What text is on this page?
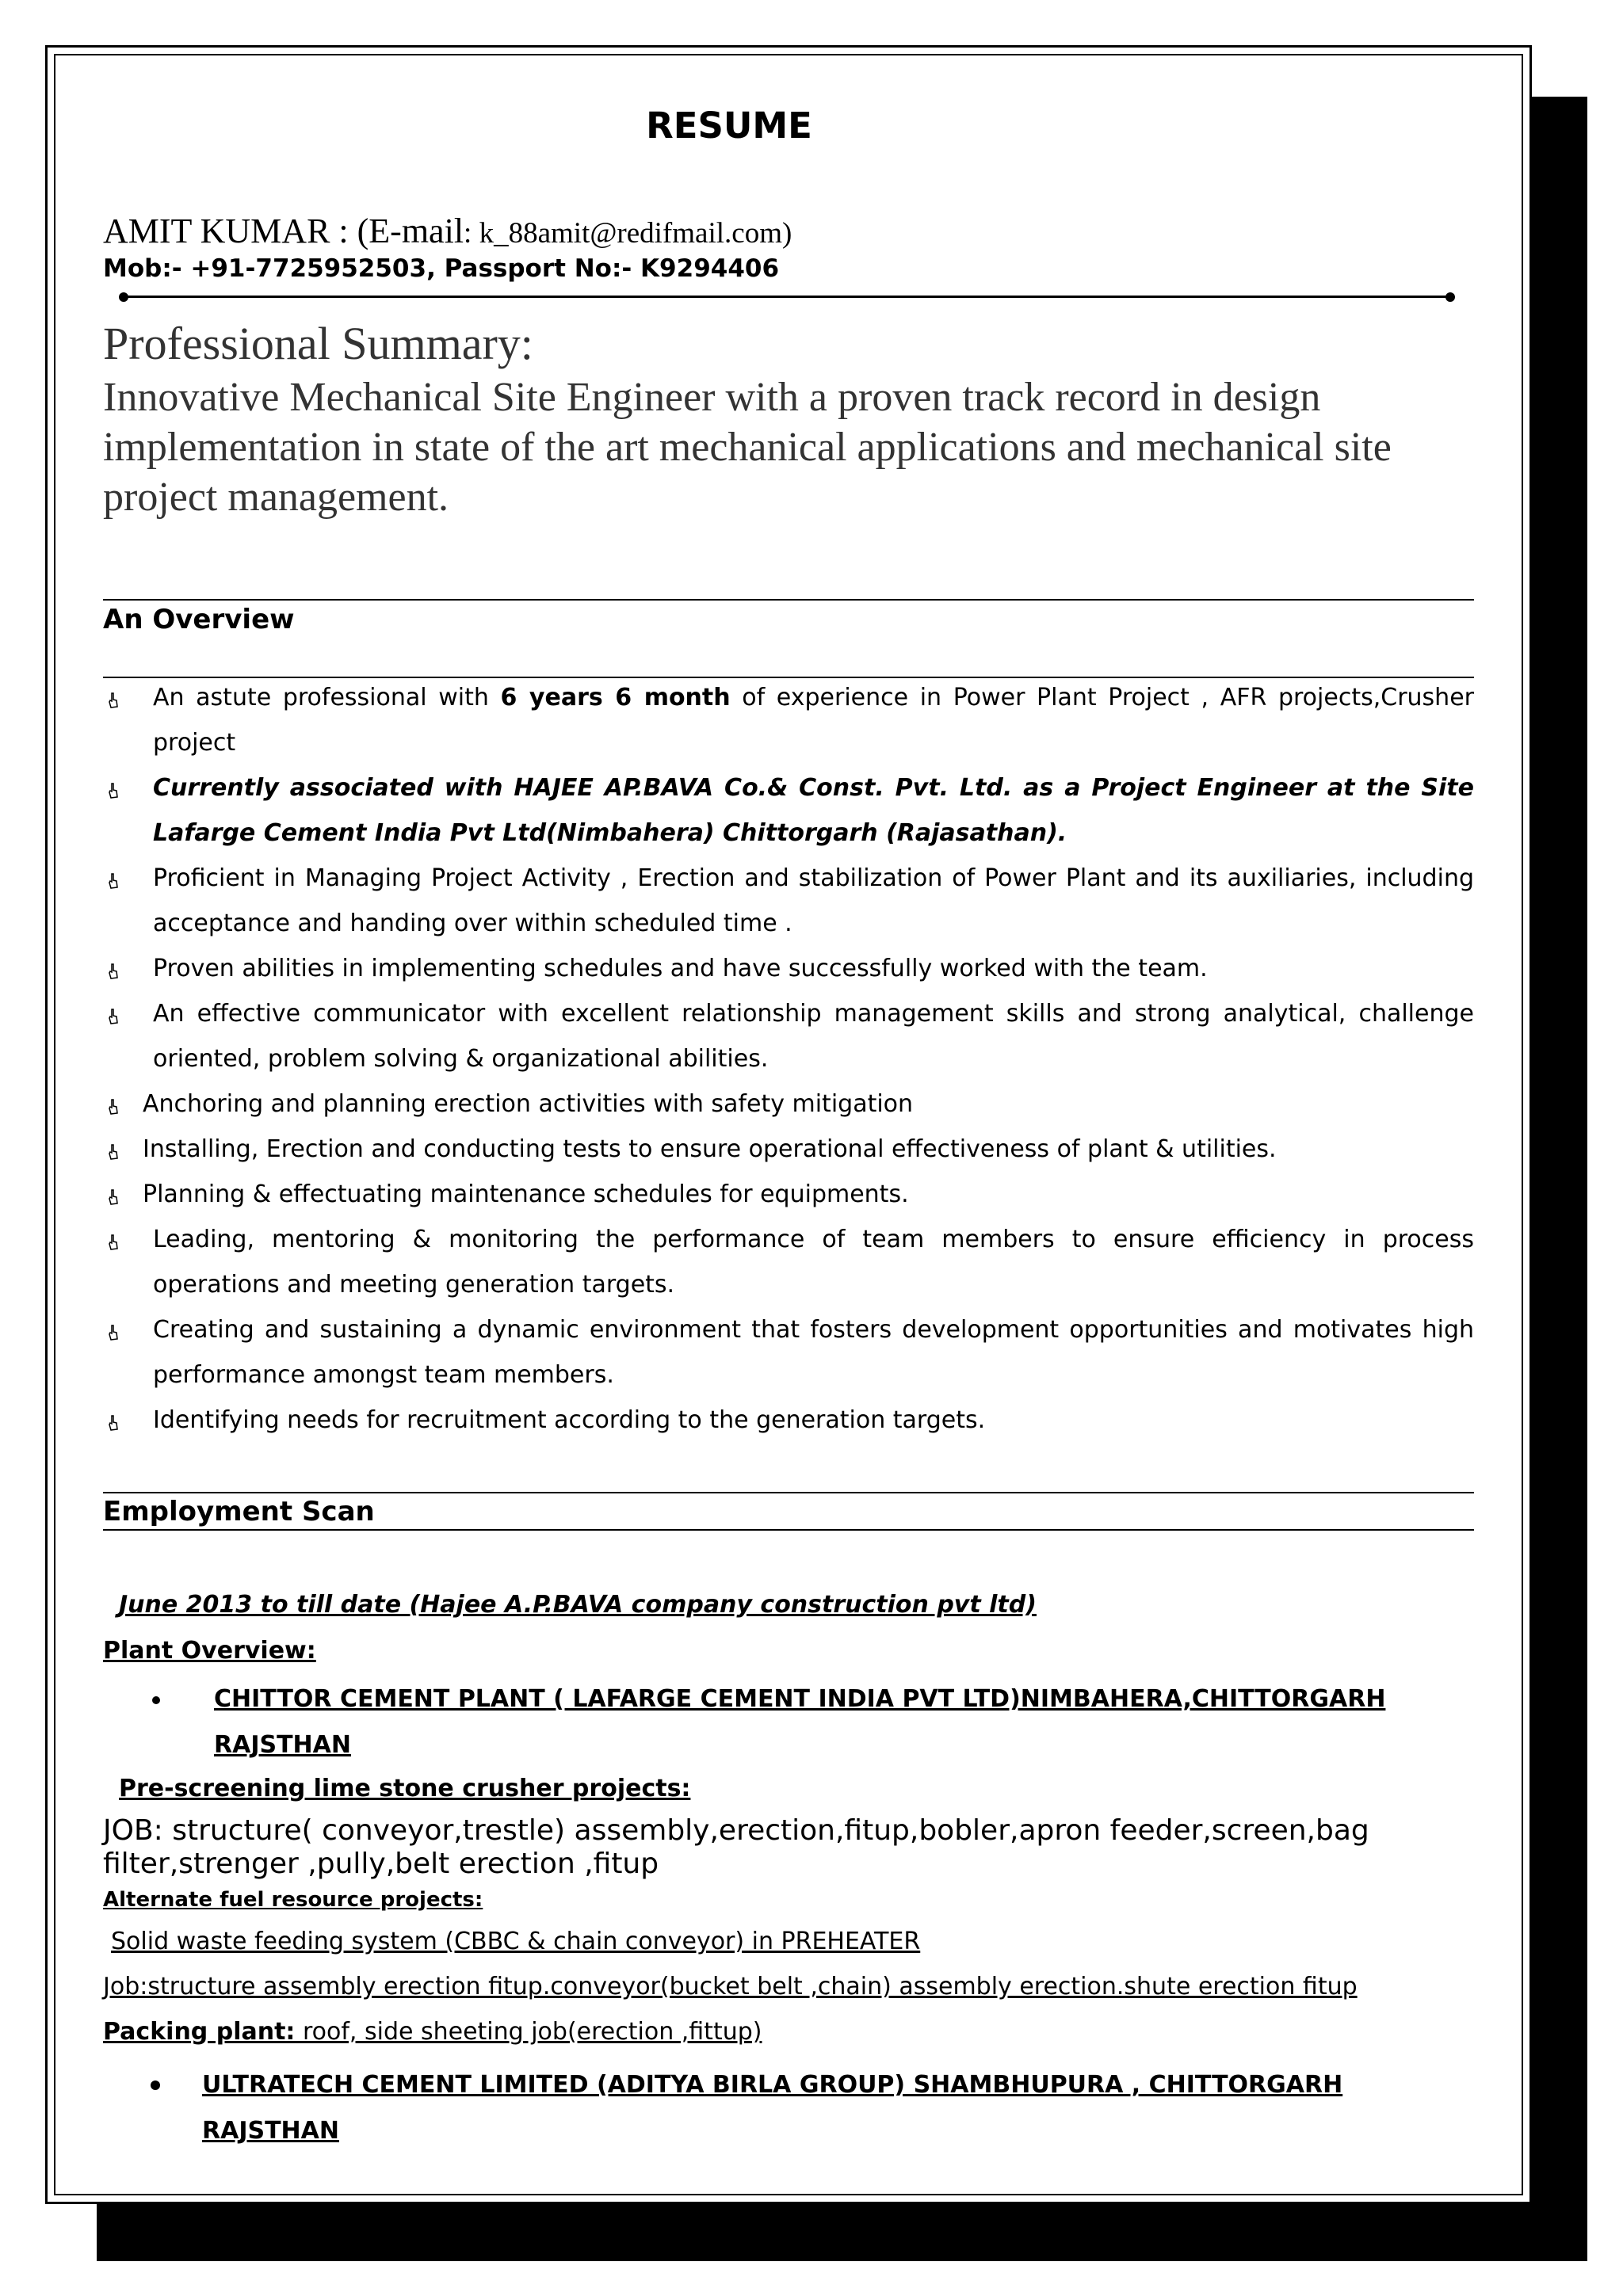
RESUME
AMIT KUMAR : (E-mail: k_88amit@redifmail.com)
Mob:- +91-7725952503, Passport No:- K9294406
Professional Summary:
Innovative Mechanical Site Engineer with a proven track record in design implementation in state of the art mechanical applications and mechanical site project management.
An Overview
An astute professional with 6 years 6 month of experience in Power Plant Project , AFR projects,Crusher project
Currently associated with HAJEE AP.BAVA Co.& Const. Pvt. Ltd. as a Project Engineer at the Site Lafarge Cement India Pvt Ltd(Nimbahera) Chittorgarh (Rajasathan).
Proficient in Managing Project Activity , Erection and stabilization of Power Plant and its auxiliaries, including acceptance and handing over within scheduled time .
Proven abilities in implementing schedules and have successfully worked with the team.
An effective communicator with excellent relationship management skills and strong analytical, challenge oriented, problem solving & organizational abilities.
Anchoring and planning erection activities with safety mitigation
Installing, Erection and conducting tests to ensure operational effectiveness of plant & utilities.
Planning & effectuating maintenance schedules for equipments.
Leading, mentoring & monitoring the performance of team members to ensure efficiency in process operations and meeting generation targets.
Creating and sustaining a dynamic environment that fosters development opportunities and motivates high performance amongst team members.
Identifying needs for recruitment according to the generation targets.
Employment Scan
June 2013 to till date (Hajee A.P.BAVA company construction pvt ltd)
Plant Overview:
CHITTOR CEMENT PLANT ( LAFARGE CEMENT INDIA PVT LTD)NIMBAHERA,CHITTORGARH RAJSTHAN
Pre-screening lime stone crusher projects:
JOB: structure( conveyor,trestle) assembly,erection,fitup,bobler,apron feeder,screen,bag filter,strenger ,pully,belt erection ,fitup
Alternate fuel resource projects:
Solid waste feeding system (CBBC & chain conveyor) in PREHEATER
Job:structure assembly erection fitup.conveyor(bucket belt ,chain) assembly erection.shute erection fitup
Packing plant: roof, side sheeting job(erection ,fittup)
ULTRATECH CEMENT LIMITED (ADITYA BIRLA GROUP) SHAMBHUPURA , CHITTORGARH RAJSTHAN
